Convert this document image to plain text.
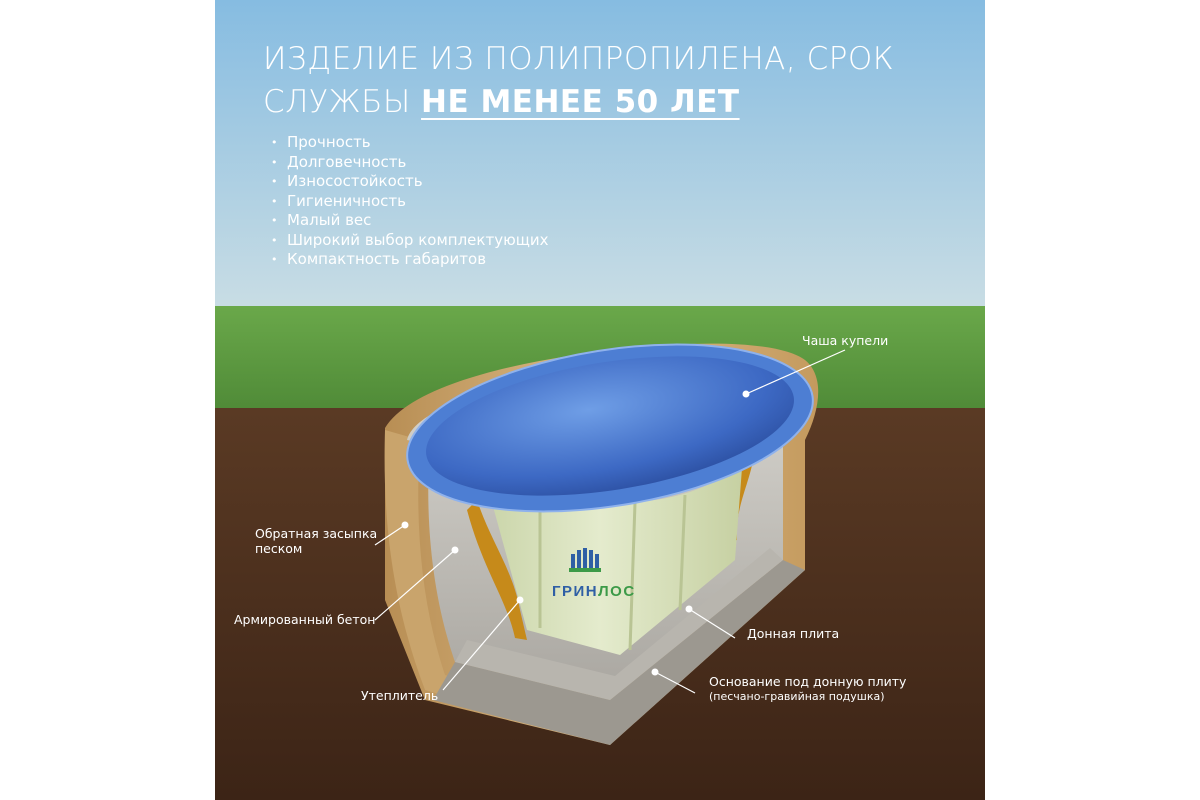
ГРИНЛОС
ИЗДЕЛИЕ ИЗ ПОЛИПРОПИЛЕНА, СРОК
СЛУЖБЫ НЕ МЕНЕЕ 50 ЛЕТ
• Прочность
• Долговечность
• Износостойкость
• Гигиеничность
• Малый вес
• Широкий выбор комплектующих
• Компактность габаритов
Чаша купели
Обратная засыпка
песком
Армированный бетон
Донная плита
Основание под донную плиту
(песчано-гравийная подушка)
Утеплитель
